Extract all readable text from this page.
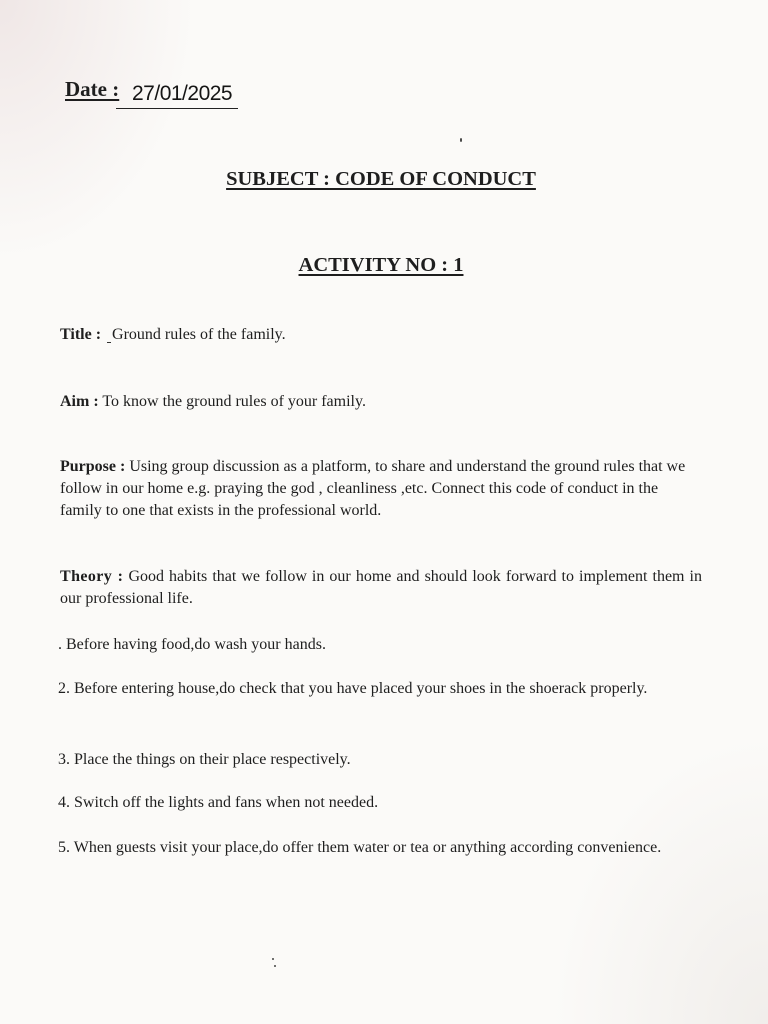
Date : 27/01/2025
SUBJECT : CODE OF CONDUCT
ACTIVITY NO : 1
Title : Ground rules of the family.
Aim : To know the ground rules of your family.
Purpose : Using group discussion as a platform, to share and understand the ground rules that we follow in our home e.g. praying the god , cleanliness ,etc. Connect this code of conduct in the family to one that exists in the professional world.
Theory : Good habits that we follow in our home and should look forward to implement them in our professional life.
. Before having food,do wash your hands.
2. Before entering house,do check that you have placed your shoes in the shoerack properly.
3. Place the things on their place respectively.
4. Switch off the lights and fans when not needed.
5. When guests visit your place,do offer them water or tea or anything according convenience.
